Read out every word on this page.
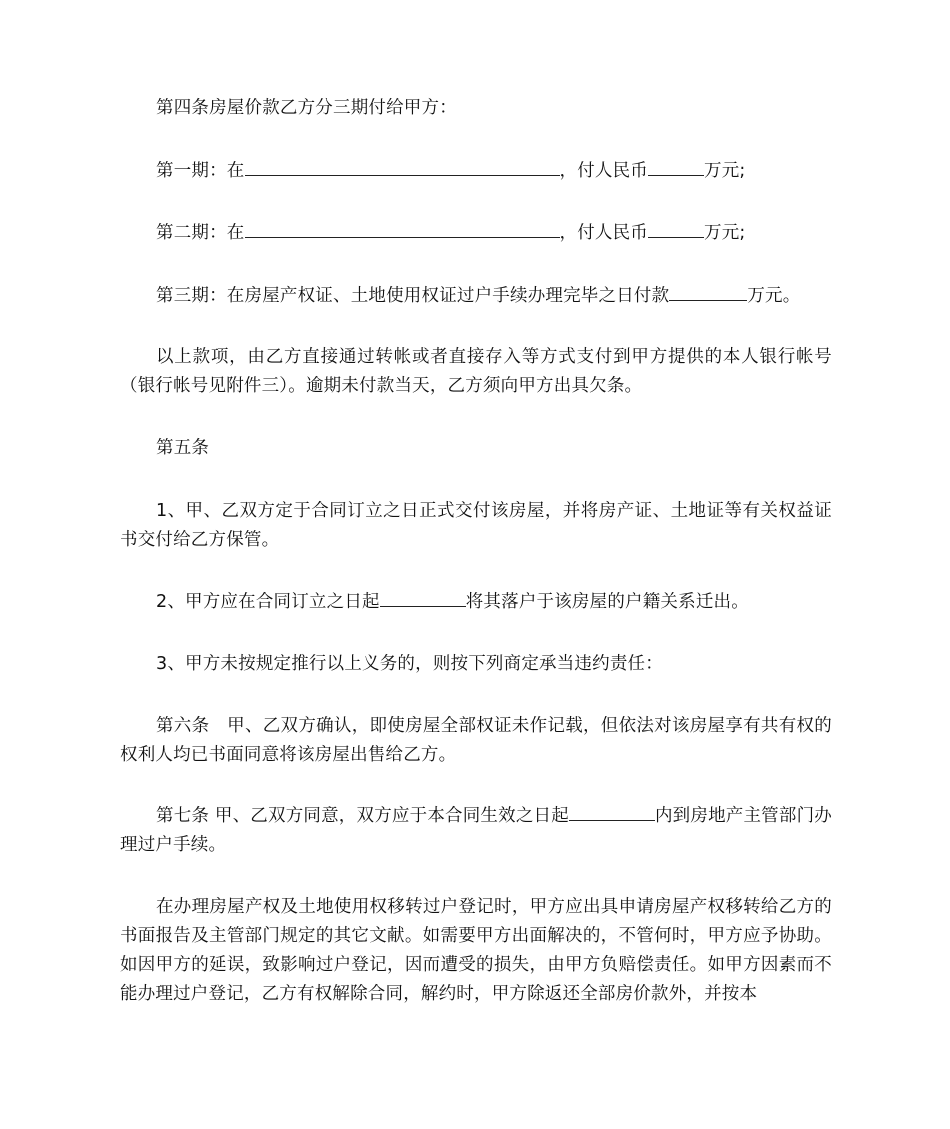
第四条房屋价款乙方分三期付给甲方：

第一期：在	，付人民币	万元;

第二期：在	，付人民币	万元;

第三期：在房屋产权证、土地使用权证过户手续办理完毕之日付款	万元。

以上款项，由乙方直接通过转帐或者直接存入等方式支付到甲方提供的本人银行帐号（银行帐号见附件三）。逾期未付款当天，乙方须向甲方出具欠条。

第五条

1、甲、乙双方定于合同订立之日正式交付该房屋，并将房产证、土地证等有关权益证书交付给乙方保管。

2、甲方应在合同订立之日起	将其落户于该房屋的户籍关系迁出。

3、甲方未按规定推行以上义务的，则按下列商定承当违约责任：

第六条　甲、乙双方确认，即使房屋全部权证未作记载，但依法对该房屋享有共有权的权利人均已书面同意将该房屋出售给乙方。

第七条 甲、乙双方同意，双方应于本合同生效之日起	内到房地产主管部门办理过户手续。

在办理房屋产权及土地使用权移转过户登记时，甲方应出具申请房屋产权移转给乙方的书面报告及主管部门规定的其它文献。如需要甲方出面解决的，不管何时，甲方应予协助。如因甲方的延误，致影响过户登记，因而遭受的损失，由甲方负赔偿责任。如甲方因素而不能办理过户登记，乙方有权解除合同，解约时，甲方除返还全部房价款外，并按本
